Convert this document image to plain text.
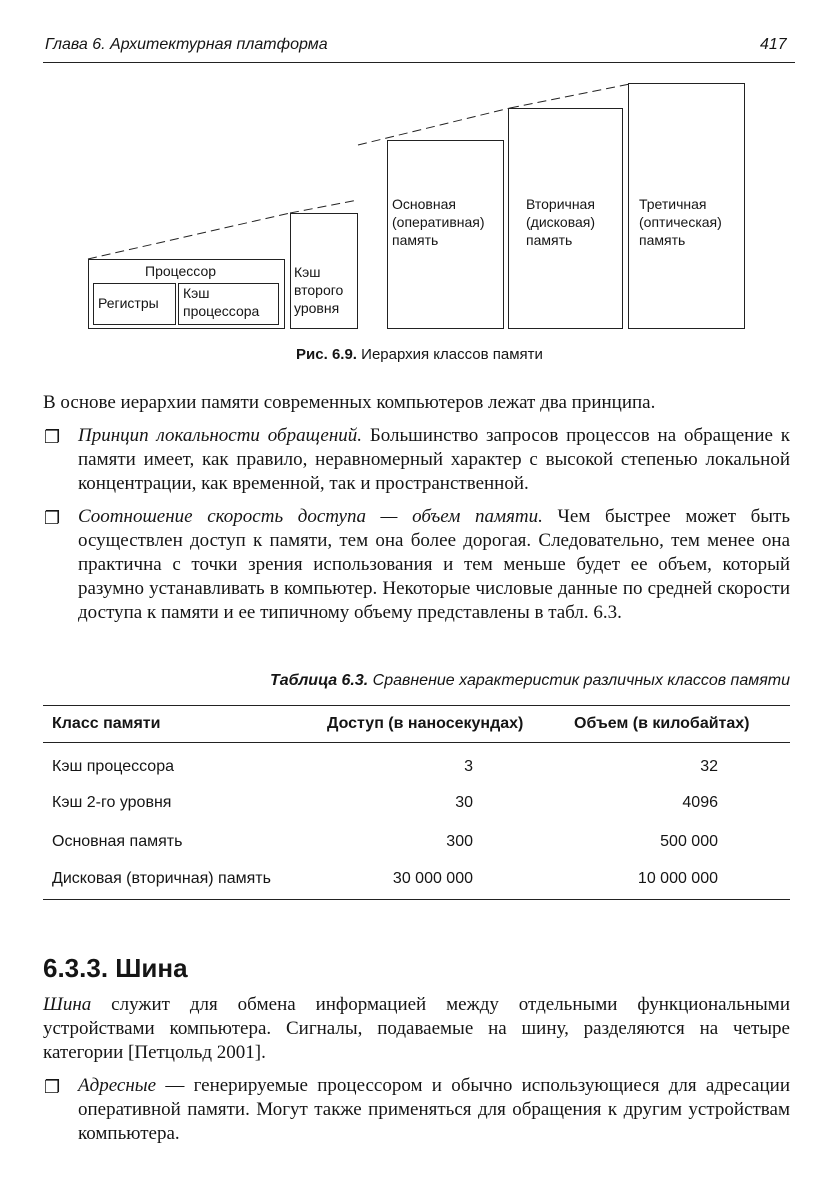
Глава 6. Архитектурная платформа	417
Процессор
Регистры
Кэш
процессора
Кэш
второго
уровня
Основная
(оперативная)
память
Вторичная
(дисковая)
память
Третичная
(оптическая)
память
Рис. 6.9. Иерархия классов памяти
В основе иерархии памяти современных компьютеров лежат два принципа.
❐ Принцип локальности обращений. Большинство запросов процессов на обращение к памяти имеет, как правило, неравномерный характер с высокой степенью локальной концентрации, как временной, так и пространственной.
❐ Соотношение скорость доступа — объем памяти. Чем быстрее может быть осуществлен доступ к памяти, тем она более дорогая. Следовательно, тем менее она практична с точки зрения использования и тем меньше будет ее объем, который разумно устанавливать в компьютер. Некоторые числовые данные по средней скорости доступа к памяти и ее типичному объему представлены в табл. 6.3.
Таблица 6.3. Сравнение характеристик различных классов памяти
Класс памяти	Доступ (в наносекундах)	Объем (в килобайтах)
Кэш процессора	3	32
Кэш 2-го уровня	30	4096
Основная память	300	500 000
Дисковая (вторичная) память	30 000 000	10 000 000
6.3.3. Шина
Шина служит для обмена информацией между отдельными функциональными устройствами компьютера. Сигналы, подаваемые на шину, разделяются на четыре категории [Петцольд 2001].
❐ Адресные — генерируемые процессором и обычно использующиеся для адресации оперативной памяти. Могут также применяться для обращения к другим устройствам компьютера.
